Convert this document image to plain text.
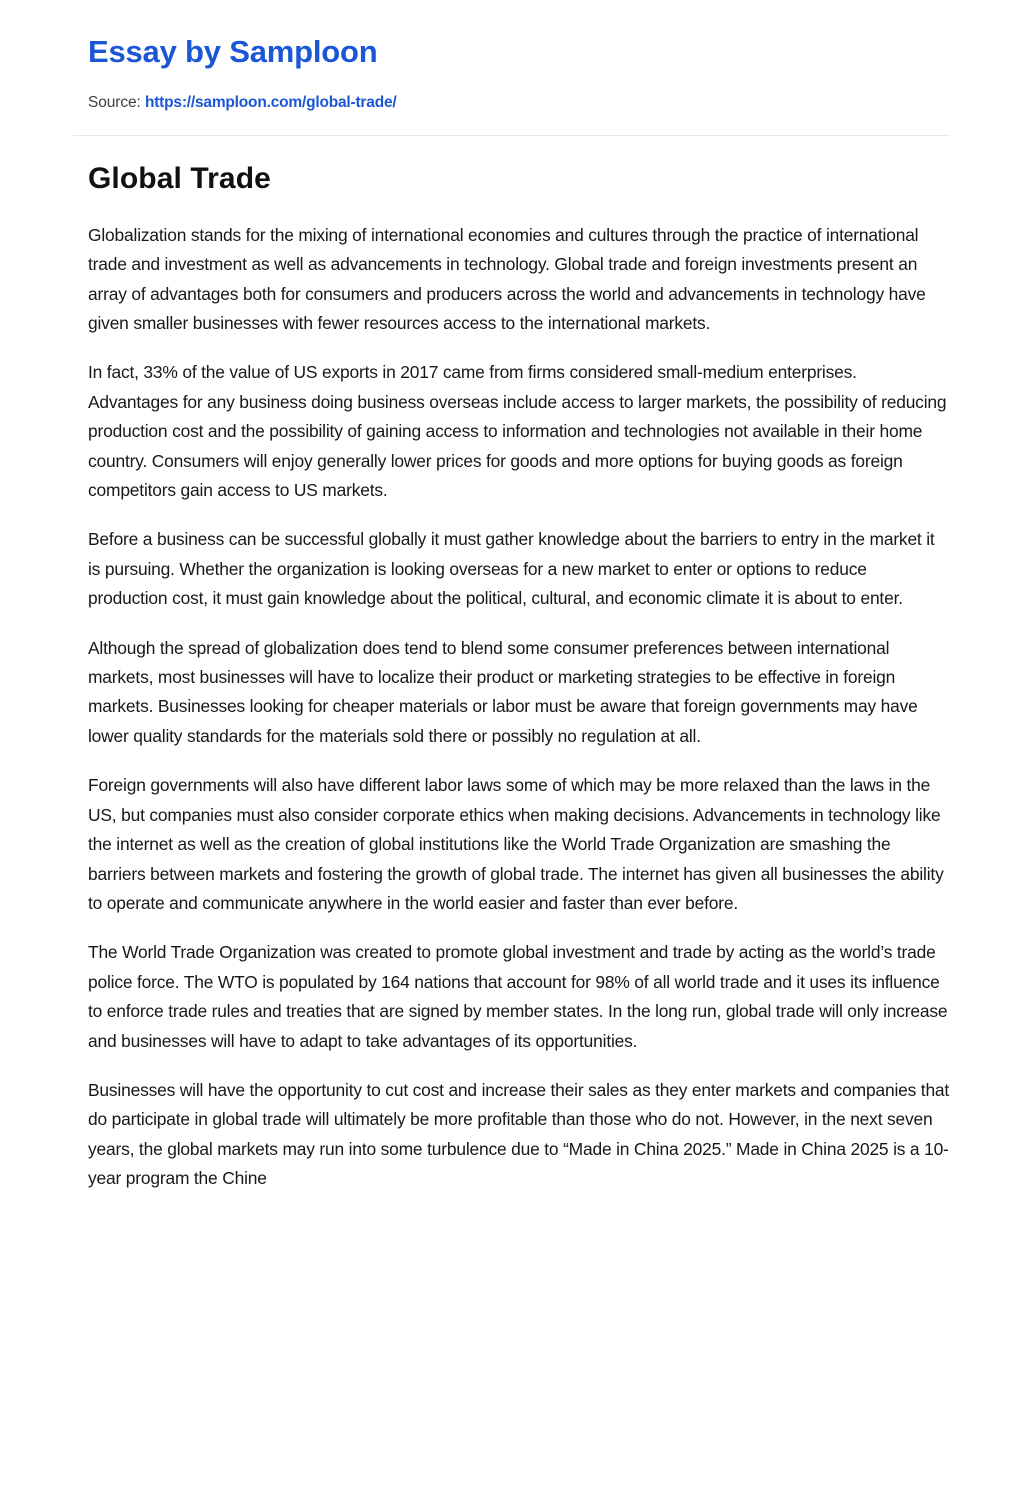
Essay by Samploon

Source: https://samploon.com/global-trade/

Global Trade

Globalization stands for the mixing of international economies and cultures through the practice of international trade and investment as well as advancements in technology. Global trade and foreign investments present an array of advantages both for consumers and producers across the world and advancements in technology have given smaller businesses with fewer resources access to the international markets.

In fact, 33% of the value of US exports in 2017 came from firms considered small-medium enterprises. Advantages for any business doing business overseas include access to larger markets, the possibility of reducing production cost and the possibility of gaining access to information and technologies not available in their home country. Consumers will enjoy generally lower prices for goods and more options for buying goods as foreign competitors gain access to US markets.

Before a business can be successful globally it must gather knowledge about the barriers to entry in the market it is pursuing. Whether the organization is looking overseas for a new market to enter or options to reduce production cost, it must gain knowledge about the political, cultural, and economic climate it is about to enter.

Although the spread of globalization does tend to blend some consumer preferences between international markets, most businesses will have to localize their product or marketing strategies to be effective in foreign markets. Businesses looking for cheaper materials or labor must be aware that foreign governments may have lower quality standards for the materials sold there or possibly no regulation at all.

Foreign governments will also have different labor laws some of which may be more relaxed than the laws in the US, but companies must also consider corporate ethics when making decisions. Advancements in technology like the internet as well as the creation of global institutions like the World Trade Organization are smashing the barriers between markets and fostering the growth of global trade. The internet has given all businesses the ability to operate and communicate anywhere in the world easier and faster than ever before.

The World Trade Organization was created to promote global investment and trade by acting as the world’s trade police force. The WTO is populated by 164 nations that account for 98% of all world trade and it uses its influence to enforce trade rules and treaties that are signed by member states. In the long run, global trade will only increase and businesses will have to adapt to take advantages of its opportunities.

Businesses will have the opportunity to cut cost and increase their sales as they enter markets and companies that do participate in global trade will ultimately be more profitable than those who do not. However, in the next seven years, the global markets may run into some turbulence due to “Made in China 2025.” Made in China 2025 is a 10-year program the Chine
